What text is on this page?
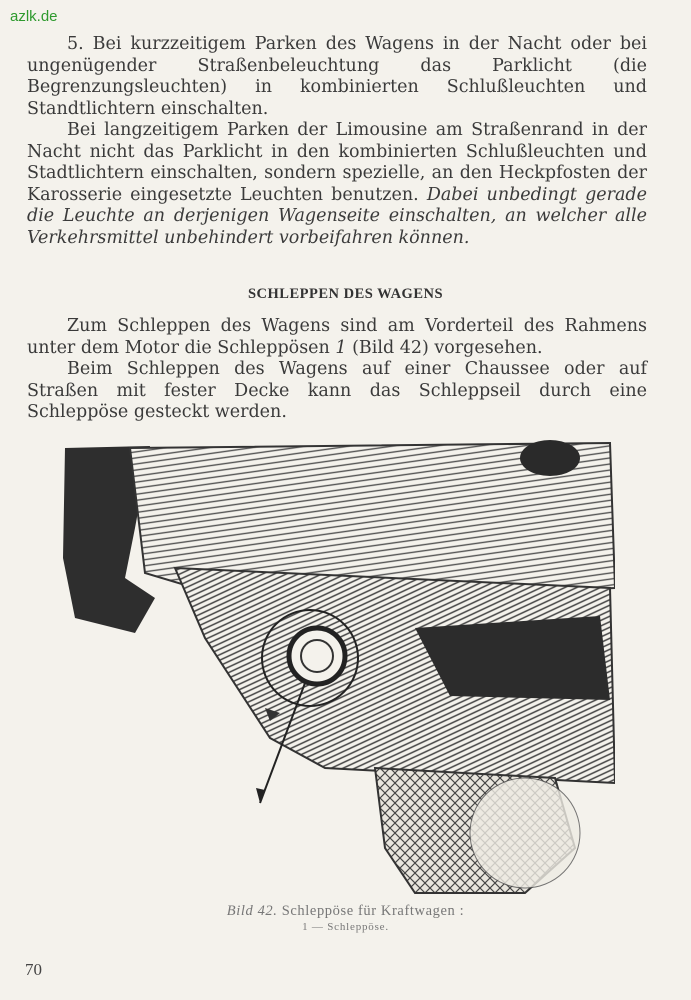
azlk.de

5. Bei kurzzeitigem Parken des Wagens in der Nacht oder bei ungenügender Straßenbeleuchtung das Parklicht (die Begrenzungsleuchten) in kombinierten Schlußleuchten und Standtlichtern einschalten.

Bei langzeitigem Parken der Limousine am Straßenrand in der Nacht nicht das Parklicht in den kombinierten Schlußleuchten und Stadtlichtern einschalten, sondern spezielle, an den Heckpfosten der Karosserie eingesetzte Leuchten benutzen. Dabei unbedingt gerade die Leuchte an derjenigen Wagenseite einschalten, an welcher alle Verkehrsmittel unbehindert vorbeifahren können.

SCHLEPPEN DES WAGENS

Zum Schleppen des Wagens sind am Vorderteil des Rahmens unter dem Motor die Schleppösen 1 (Bild 42) vorgesehen.

Beim Schleppen des Wagens auf einer Chaussee oder auf Straßen mit fester Decke kann das Schleppseil durch eine Schleppöse gesteckt werden.

Bild 42. Schleppöse für Kraftwagen :
1 — Schleppöse.
70
